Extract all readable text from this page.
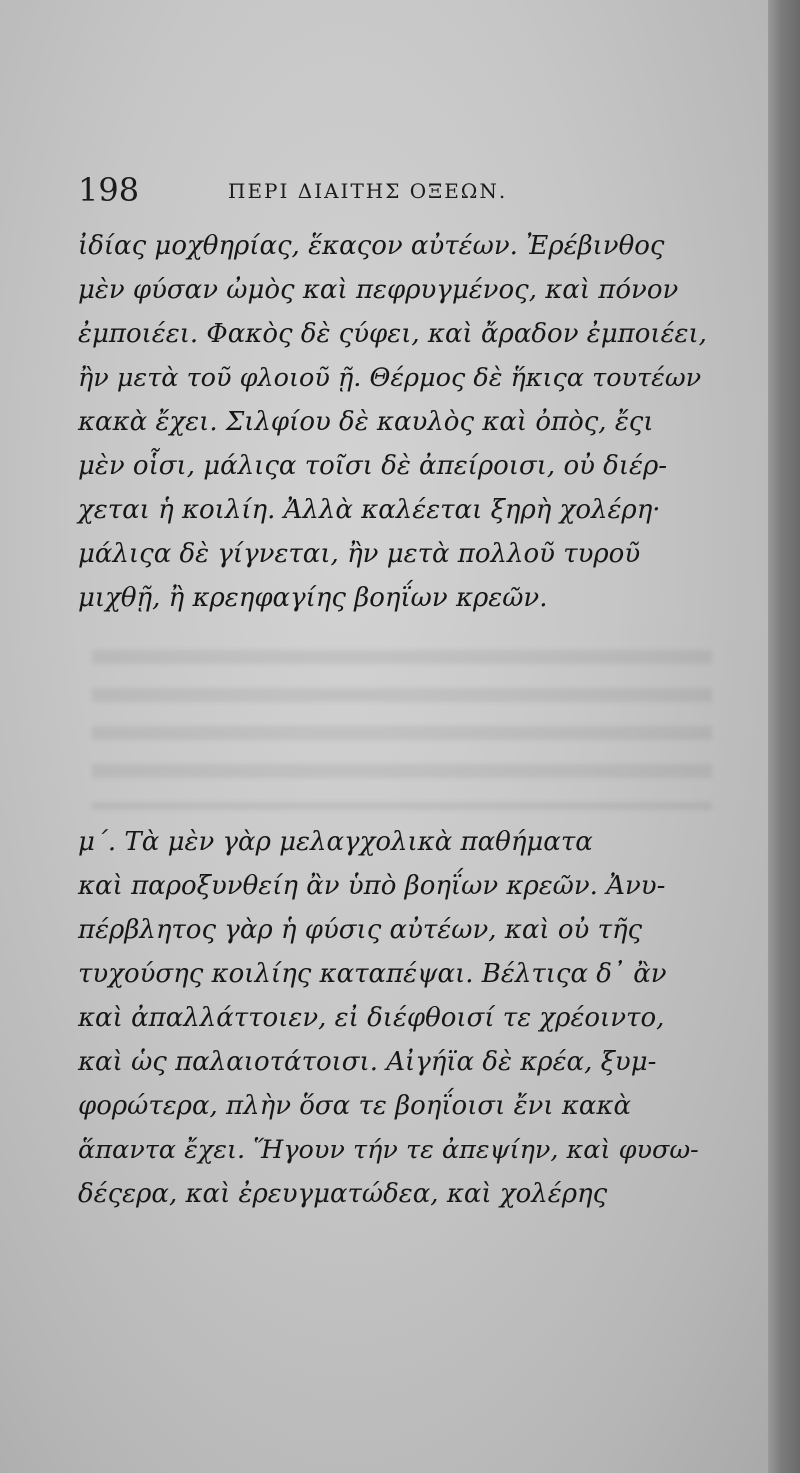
198	ΠΕΡΙ ΔΙΑΙΤΗΣ ΟΞΕΩΝ.
ἰδίας μοχθηρίας, ἕκαςον αὐτέων. Ἐρέβινθος
μὲν φύσαν ὠμὸς καὶ πεφρυγμένος, καὶ πόνον
ἐμποιέει. Φακὸς δὲ ςύφει, καὶ ἄραδον ἐμποιέει,
ἢν μετὰ τοῦ φλοιοῦ ῇ. Θέρμος δὲ ἥκιςα τουτέων
κακὰ ἔχει. Σιλφίου δὲ καυλὸς καὶ ὀπὸς, ἔςι
μὲν οἷσι, μάλιςα τοῖσι δὲ ἀπείροισι, οὐ διέρ-
χεται ἡ κοιλίη. Ἀλλὰ καλέεται ξηρὴ χολέρη·
μάλιςα δὲ γίγνεται, ἢν μετὰ πολλοῦ τυροῦ
μιχθῇ, ἢ κρεηφαγίης βοηΐων κρεῶν.
μ΄. Τὰ μὲν γὰρ μελαγχολικὰ παθήματα
καὶ παροξυνθείη ἂν ὑπὸ βοηΐων κρεῶν. Ἀνυ-
πέρβλητος γὰρ ἡ φύσις αὐτέων, καὶ οὐ τῆς
τυχούσης κοιλίης καταπέψαι. Βέλτιςα δ᾽ ἂν
καὶ ἀπαλλάττοιεν, εἰ διέφθοισί τε χρέοιντο,
καὶ ὡς παλαιοτάτοισι. Αἰγήϊα δὲ κρέα, ξυμ-
φορώτερα, πλὴν ὅσα τε βοηΐοισι ἔνι κακὰ
ἅπαντα ἔχει. Ἥγουν τήν τε ἀπεψίην, καὶ φυσω-
δέςερα, καὶ ἐρευγματώδεα, καὶ χολέρης
